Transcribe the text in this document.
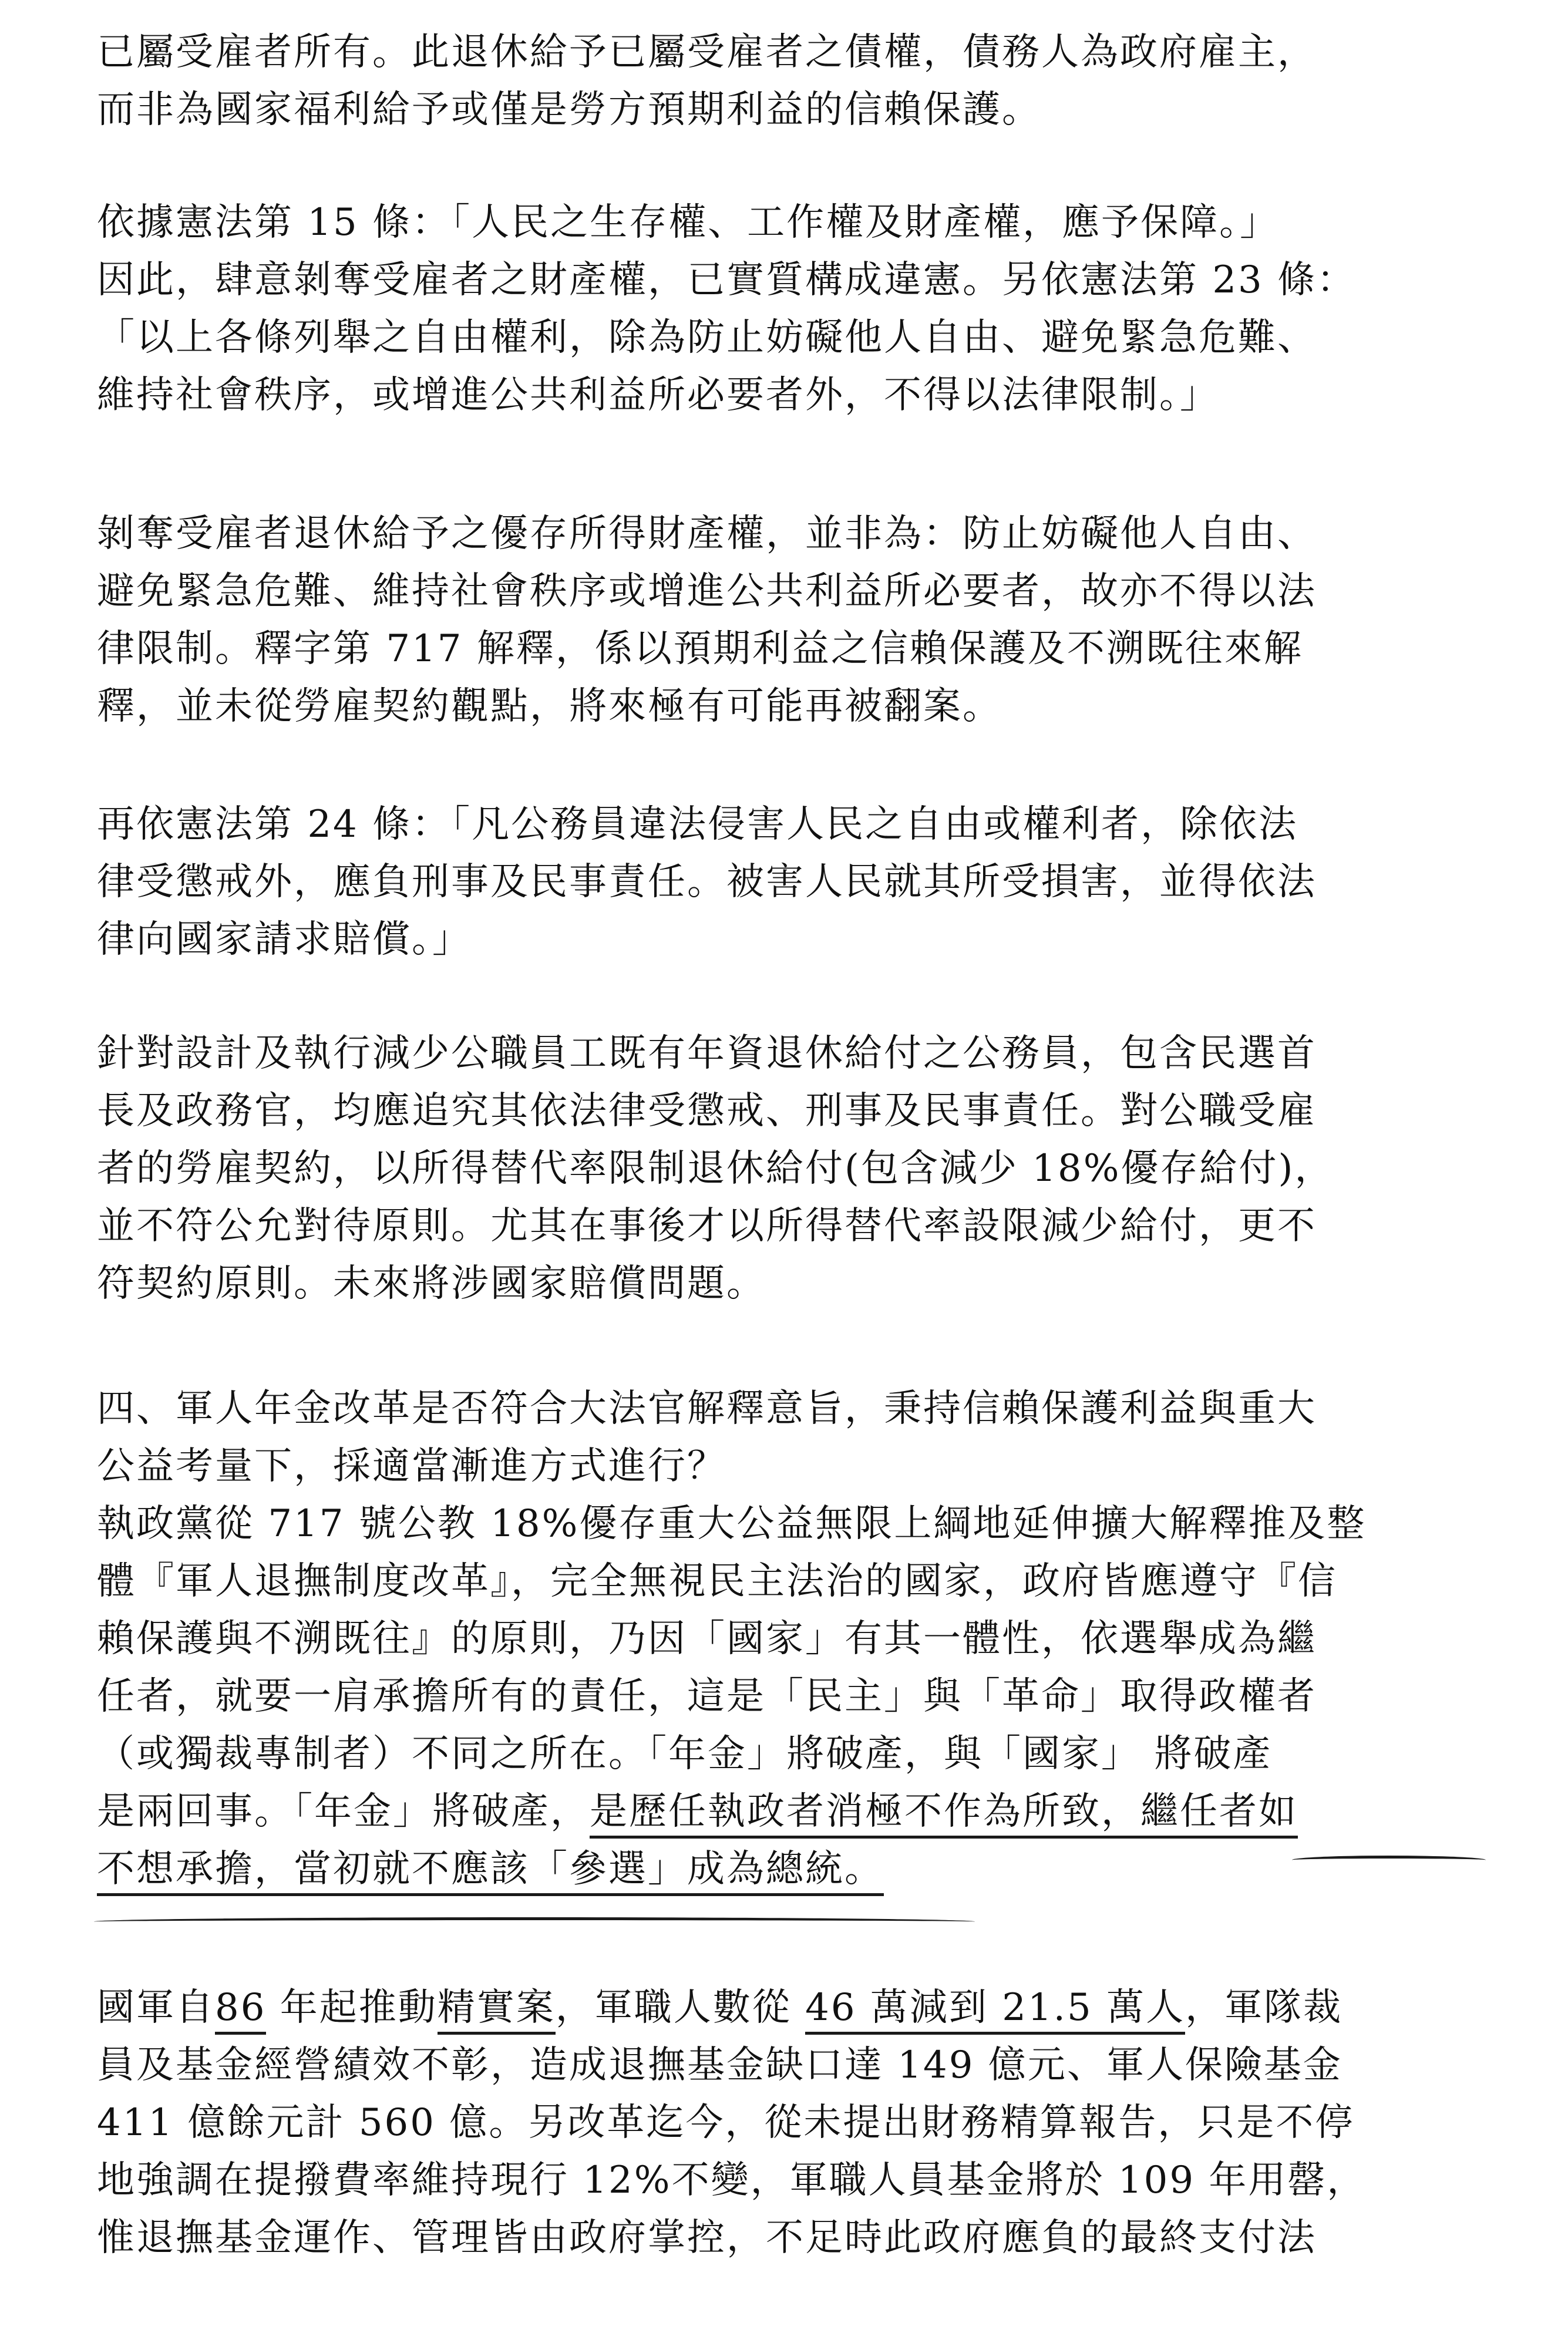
已屬受雇者所有。此退休給予已屬受雇者之債權，債務人為政府雇主，
而非為國家福利給予或僅是勞方預期利益的信賴保護。
依據憲法第 15 條：「人民之生存權、工作權及財產權，應予保障。」
因此，肆意剝奪受雇者之財產權，已實質構成違憲。另依憲法第 23 條：
「以上各條列舉之自由權利，除為防止妨礙他人自由、避免緊急危難、
維持社會秩序，或增進公共利益所必要者外，不得以法律限制。」
剝奪受雇者退休給予之優存所得財產權，並非為：防止妨礙他人自由、
避免緊急危難、維持社會秩序或增進公共利益所必要者，故亦不得以法
律限制。釋字第 717 解釋，係以預期利益之信賴保護及不溯既往來解
釋，並未從勞雇契約觀點，將來極有可能再被翻案。
再依憲法第 24 條：「凡公務員違法侵害人民之自由或權利者，除依法
律受懲戒外，應負刑事及民事責任。被害人民就其所受損害，並得依法
律向國家請求賠償。」
針對設計及執行減少公職員工既有年資退休給付之公務員，包含民選首
長及政務官，均應追究其依法律受懲戒、刑事及民事責任。對公職受雇
者的勞雇契約，以所得替代率限制退休給付(包含減少 18%優存給付)，
並不符公允對待原則。尤其在事後才以所得替代率設限減少給付，更不
符契約原則。未來將涉國家賠償問題。
四、軍人年金改革是否符合大法官解釋意旨，秉持信賴保護利益與重大
公益考量下，採適當漸進方式進行？
執政黨從 717 號公教 18%優存重大公益無限上綱地延伸擴大解釋推及整
體『軍人退撫制度改革』，完全無視民主法治的國家，政府皆應遵守『信
賴保護與不溯既往』的原則，乃因「國家」有其一體性，依選舉成為繼
任者，就要一肩承擔所有的責任，這是「民主」與「革命」取得政權者
（或獨裁專制者）不同之所在。「年金」將破產，與「國家」 將破產
是兩回事。「年金」將破產，是歷任執政者消極不作為所致，繼任者如
不想承擔，當初就不應該「參選」成為總統。
國軍自86 年起推動精實案，軍職人數從 46 萬減到 21.5 萬人，軍隊裁
員及基金經營績效不彰，造成退撫基金缺口達 149 億元、軍人保險基金
411 億餘元計 560 億。另改革迄今，從未提出財務精算報告，只是不停
地強調在提撥費率維持現行 12%不變，軍職人員基金將於 109 年用罄，
惟退撫基金運作、管理皆由政府掌控，不足時此政府應負的最終支付法
